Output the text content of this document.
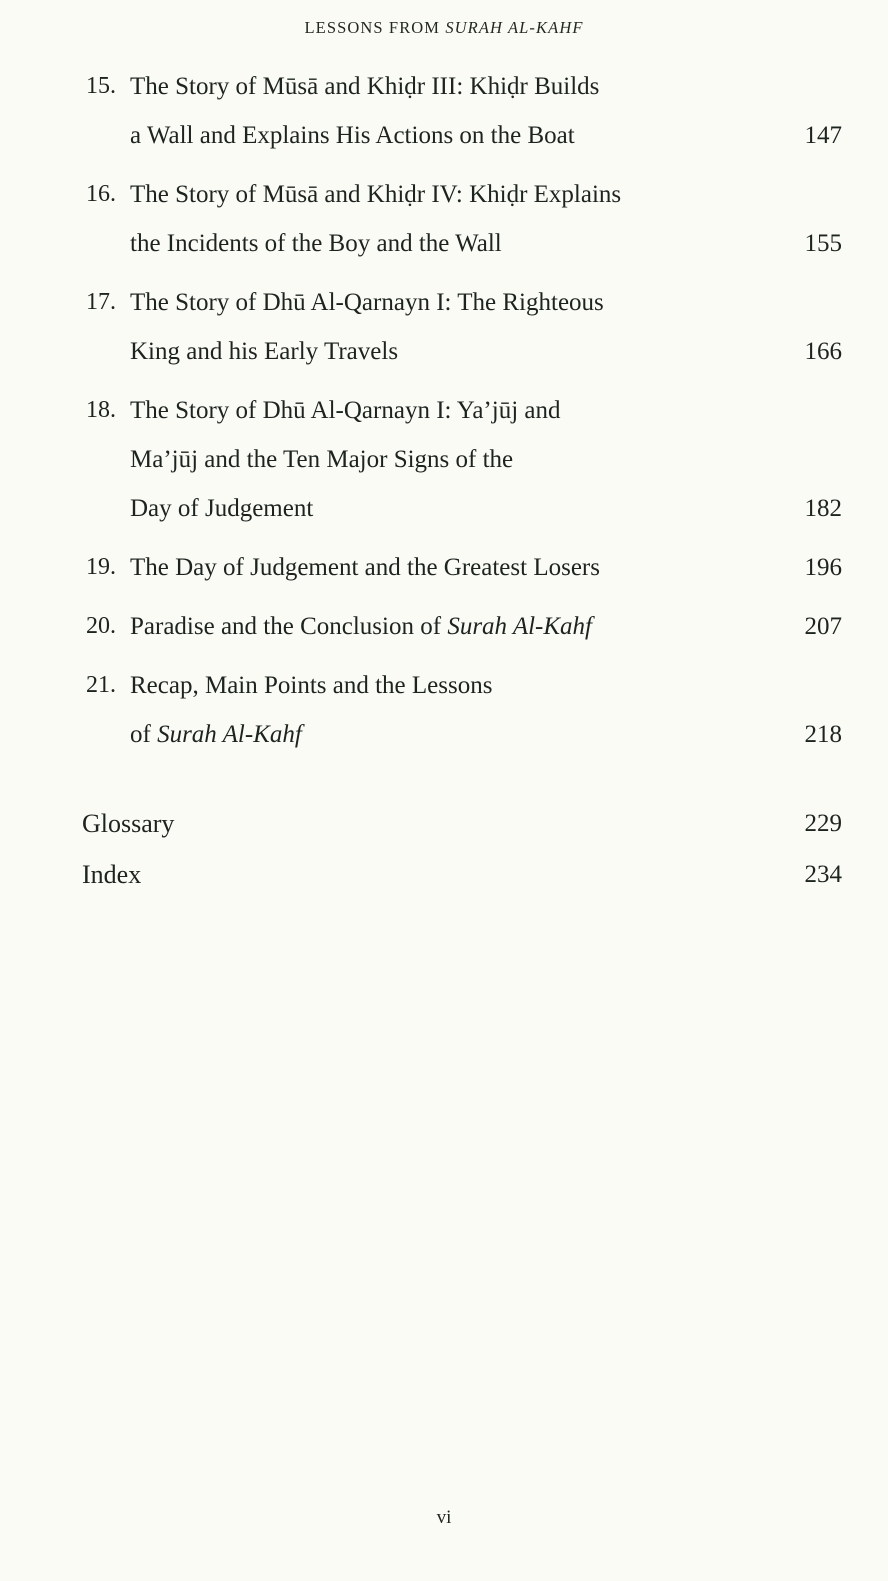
LESSONS FROM SURAH AL-KAHF
15. The Story of Mūsā and Khiḍr III: Khiḍr Builds
a Wall and Explains His Actions on the Boat	147
16. The Story of Mūsā and Khiḍr IV: Khiḍr Explains
the Incidents of the Boy and the Wall	155
17. The Story of Dhū Al-Qarnayn I: The Righteous
King and his Early Travels	166
18. The Story of Dhū Al-Qarnayn I: Ya’jūj and
Ma’jūj and the Ten Major Signs of the
Day of Judgement	182
19. The Day of Judgement and the Greatest Losers	196
20. Paradise and the Conclusion of Surah Al-Kahf	207
21. Recap, Main Points and the Lessons
of Surah Al-Kahf	218
Glossary	229
Index	234
vi
